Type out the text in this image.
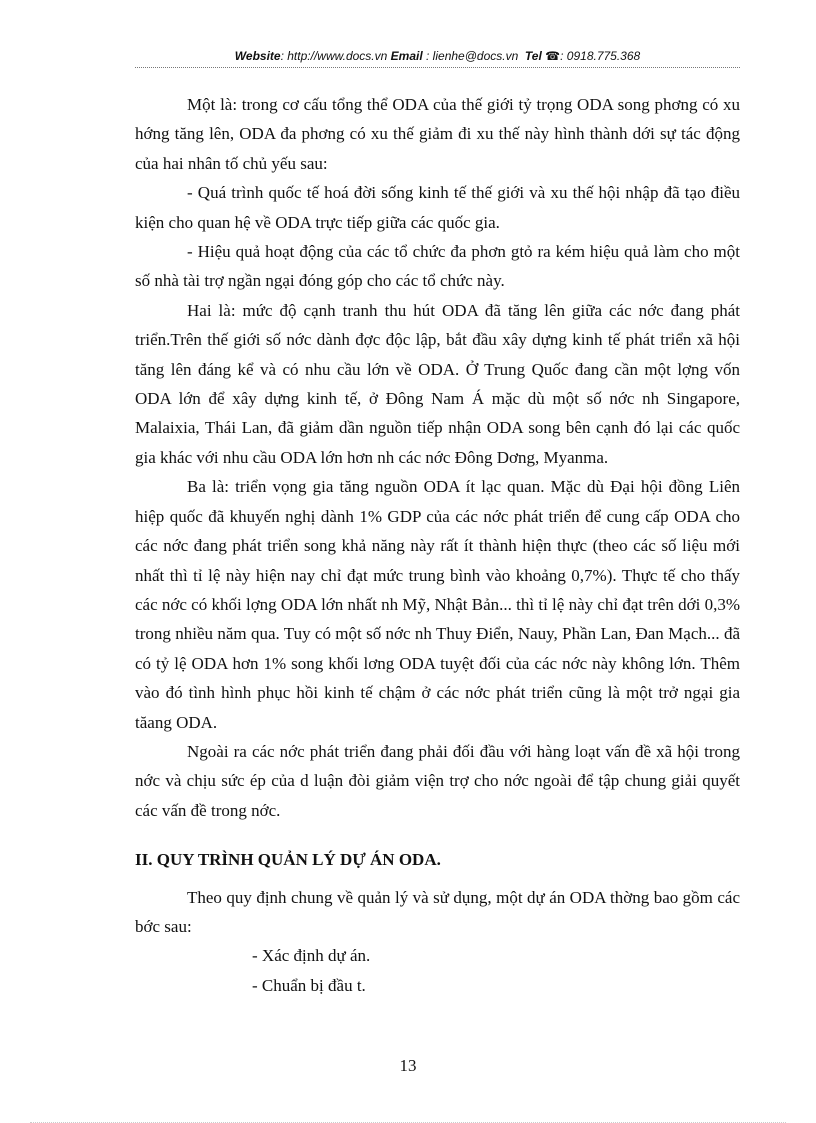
Website: http://www.docs.vn Email : lienhe@docs.vn Tel ☎: 0918.775.368

Một là: trong cơ cấu tổng thể ODA của thế giới tỷ trọng ODA song phơng có xu hớng tăng lên, ODA đa phơng có xu thế giảm đi xu thế này hình thành dới sự tác động của hai nhân tố chủ yếu sau:

- Quá trình quốc tế hoá đời sống kinh tế thế giới và xu thế hội nhập đã tạo điều kiện cho quan hệ về ODA trực tiếp giữa các quốc gia.

- Hiệu quả hoạt động của các tổ chức đa phơn gtỏ ra kém hiệu quả làm cho một số nhà tài trợ ngần ngại đóng góp cho các tổ chức này.

Hai là: mức độ cạnh tranh thu hút ODA đã tăng lên giữa các nớc đang phát triển.Trên thế giới số nớc dành đợc độc lập, bắt đầu xây dựng kinh tế phát triển xã hội tăng lên đáng kể và có nhu cầu lớn về ODA. Ở Trung Quốc đang cần một lợng vốn ODA lớn để xây dựng kinh tế, ở Đông Nam Á mặc dù một số nớc nh Singapore, Malaixia, Thái Lan, đã giảm dần nguồn tiếp nhận ODA song bên cạnh đó lại các quốc gia khác với nhu cầu ODA lớn hơn nh các nớc Đông Dơng, Myanma.

Ba là: triển vọng gia tăng nguồn ODA ít lạc quan. Mặc dù Đại hội đồng Liên hiệp quốc đã khuyến nghị dành 1% GDP của các nớc phát triển để cung cấp ODA cho các nớc đang phát triển song khả năng này rất ít thành hiện thực (theo các số liệu mới nhất thì tỉ lệ này hiện nay chỉ đạt mức trung bình vào khoảng 0,7%). Thực tế cho thấy các nớc có khối lợng ODA lớn nhất nh Mỹ, Nhật Bản... thì tỉ lệ này chỉ đạt trên dới 0,3% trong nhiều năm qua. Tuy có một số nớc nh Thuy Điển, Nauy, Phần Lan, Đan Mạch... đã có tỷ lệ ODA hơn 1% song khối lơng ODA tuyệt đối của các nớc này không lớn. Thêm vào đó tình hình phục hồi kinh tế chậm ở các nớc phát triển cũng là một trở ngại gia tăang ODA.

Ngoài ra các nớc phát triển đang phải đối đầu với hàng loạt vấn đề xã hội trong nớc và chịu sức ép của d luận đòi giảm viện trợ cho nớc ngoài để tập chung giải quyết các vấn đề trong nớc.

II. QUY TRÌNH QUẢN LÝ DỰ ÁN ODA.

Theo quy định chung về quản lý và sử dụng, một dự án ODA thờng bao gồm các bớc sau:

- Xác định dự án.

- Chuẩn bị đầu t.

13
